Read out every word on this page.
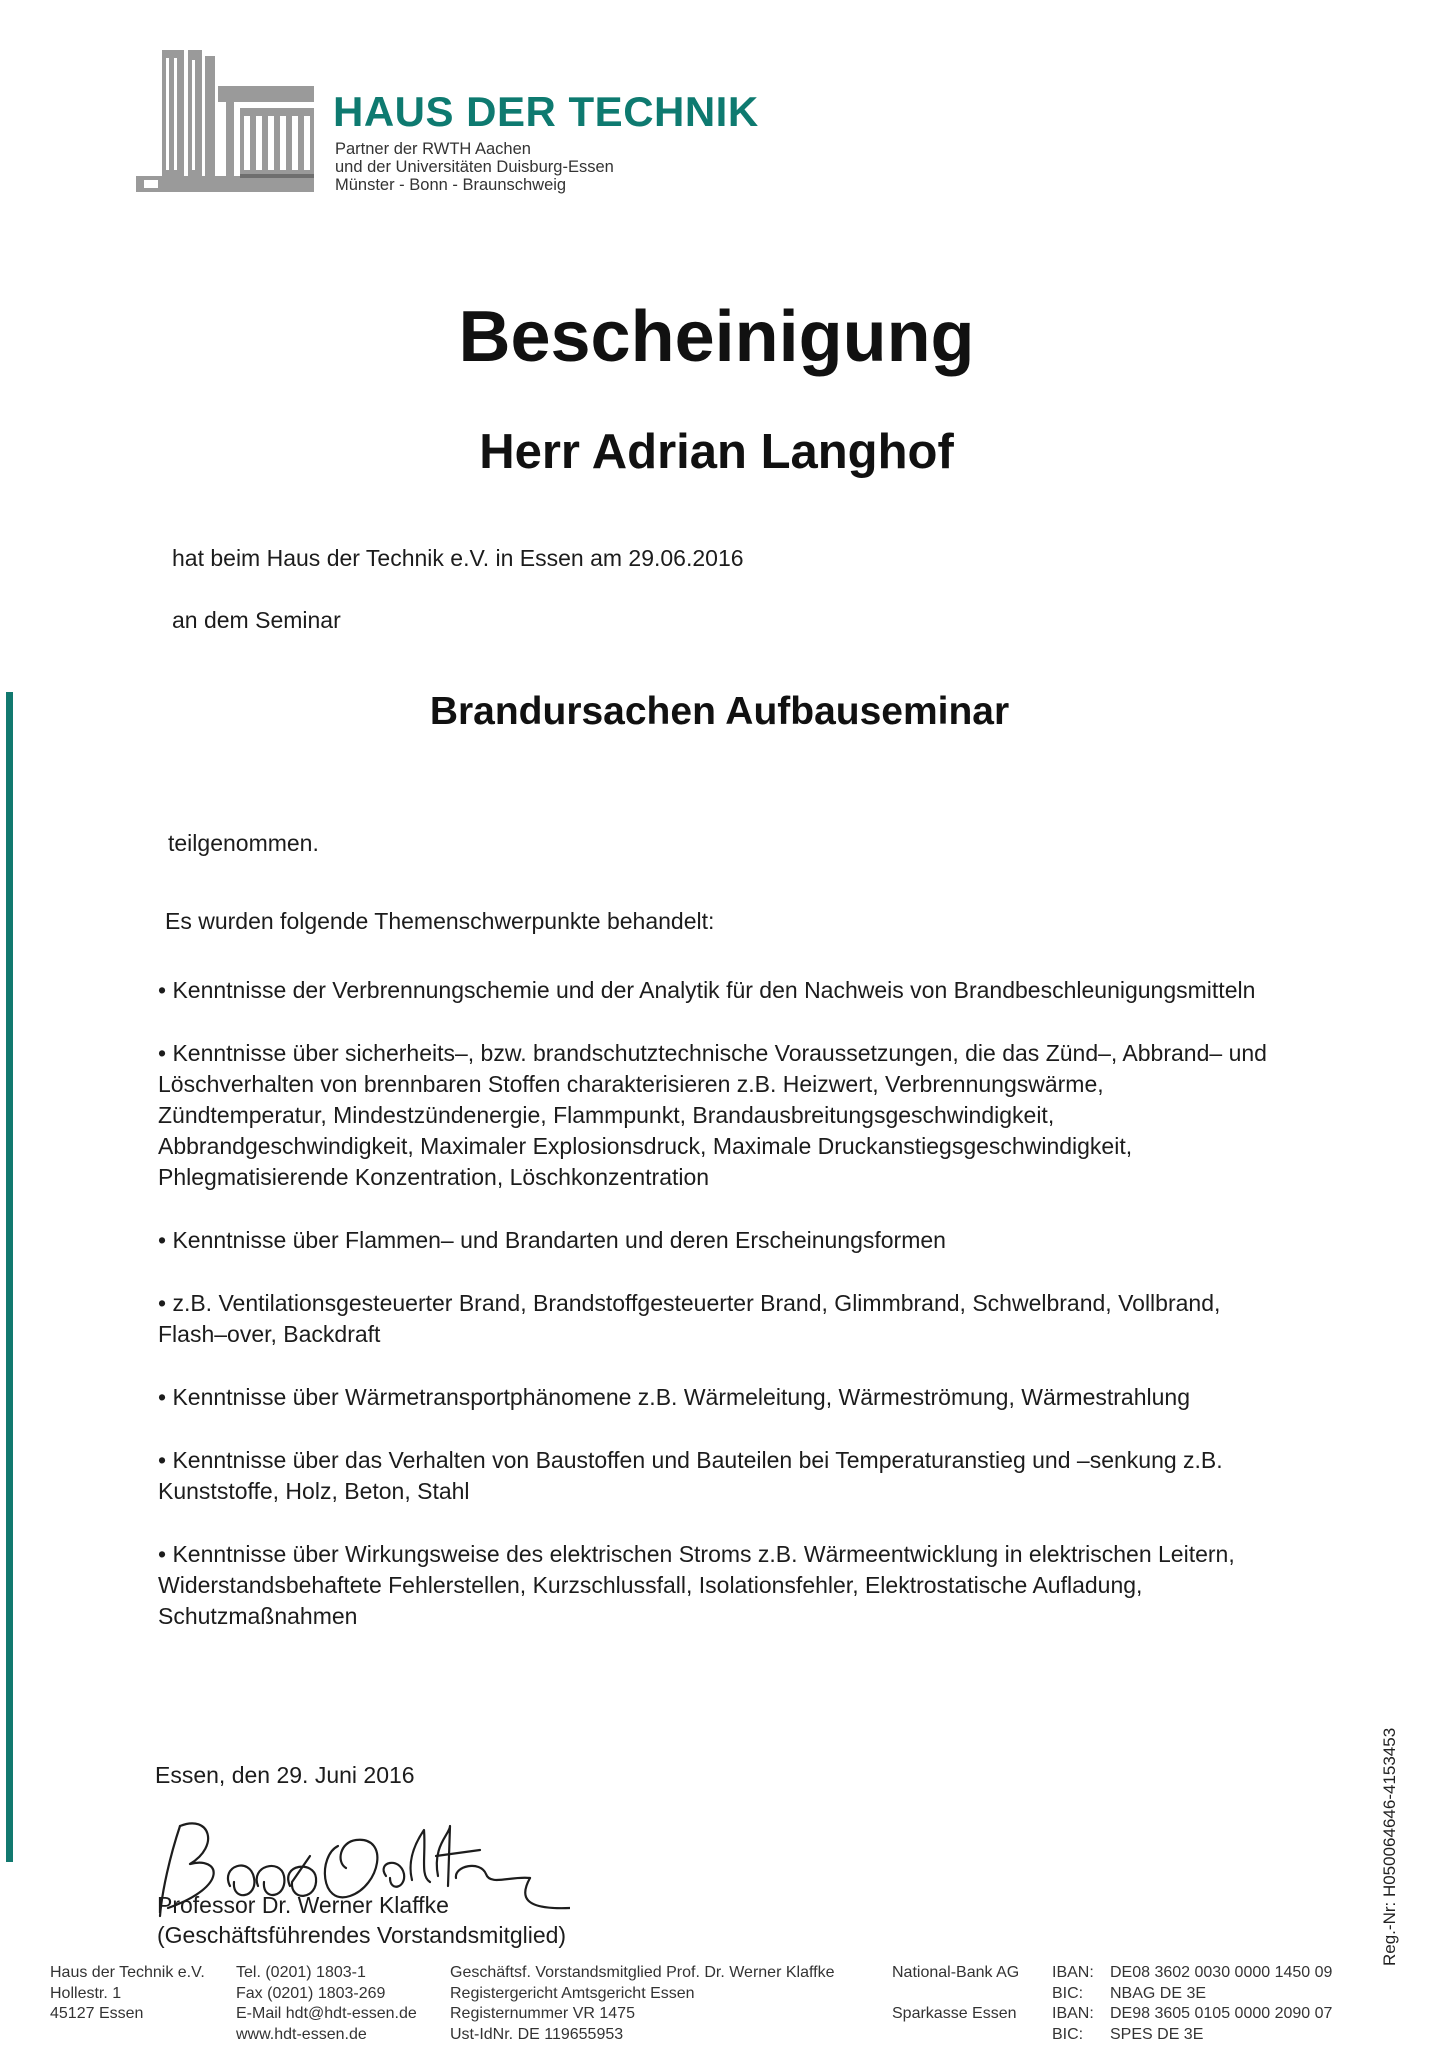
HAUS DER TECHNIK
Partner der RWTH Aachen
und der Universitäten Duisburg-Essen
Münster - Bonn - Braunschweig
Bescheinigung
Herr Adrian Langhof
hat beim Haus der Technik e.V. in Essen am 29.06.2016
an dem Seminar
Brandursachen Aufbauseminar
teilgenommen.
Es wurden folgende Themenschwerpunkte behandelt:
• Kenntnisse der Verbrennungschemie und der Analytik für den Nachweis von Brandbeschleunigungsmitteln
• Kenntnisse über sicherheits–, bzw. brandschutztechnische Voraussetzungen, die das Zünd–, Abbrand– und Löschverhalten von brennbaren Stoffen charakterisieren z.B. Heizwert, Verbrennungswärme, Zündtemperatur, Mindestzündenergie, Flammpunkt, Brandausbreitungsgeschwindigkeit, Abbrandgeschwindigkeit, Maximaler Explosionsdruck, Maximale Druckanstiegsgeschwindigkeit, Phlegmatisierende Konzentration, Löschkonzentration
• Kenntnisse über Flammen– und Brandarten und deren Erscheinungsformen
• z.B. Ventilationsgesteuerter Brand, Brandstoffgesteuerter Brand, Glimmbrand, Schwelbrand, Vollbrand, Flash–over, Backdraft
• Kenntnisse über Wärmetransportphänomene z.B. Wärmeleitung, Wärmeströmung, Wärmestrahlung
• Kenntnisse über das Verhalten von Baustoffen und Bauteilen bei Temperaturanstieg und –senkung z.B. Kunststoffe, Holz, Beton, Stahl
• Kenntnisse über Wirkungsweise des elektrischen Stroms z.B. Wärmeentwicklung in elektrischen Leitern, Widerstandsbehaftete Fehlerstellen, Kurzschlussfall, Isolationsfehler, Elektrostatische Aufladung, Schutzmaßnahmen
Essen, den 29. Juni 2016
Professor Dr. Werner Klaffke
(Geschäftsführendes Vorstandsmitglied)	Reg.-Nr: H05006464​6-4153453
Haus der Technik e.V.
Hollestr. 1
45127 Essen
Tel. (0201) 1803-1
Fax (0201) 1803-269
E-Mail hdt@hdt-essen.de
www.hdt-essen.de
Geschäftsf. Vorstandsmitglied Prof. Dr. Werner Klaffke
Registergericht Amtsgericht Essen
Registernummer VR 1475
Ust-IdNr. DE 119655953
National-Bank AG

Sparkasse Essen
IBAN:
BIC:
IBAN:
BIC:
DE08 3602 0030 0000 1450 09
NBAG DE 3E
DE98 3605 0105 0000 2090 07
SPES DE 3E
